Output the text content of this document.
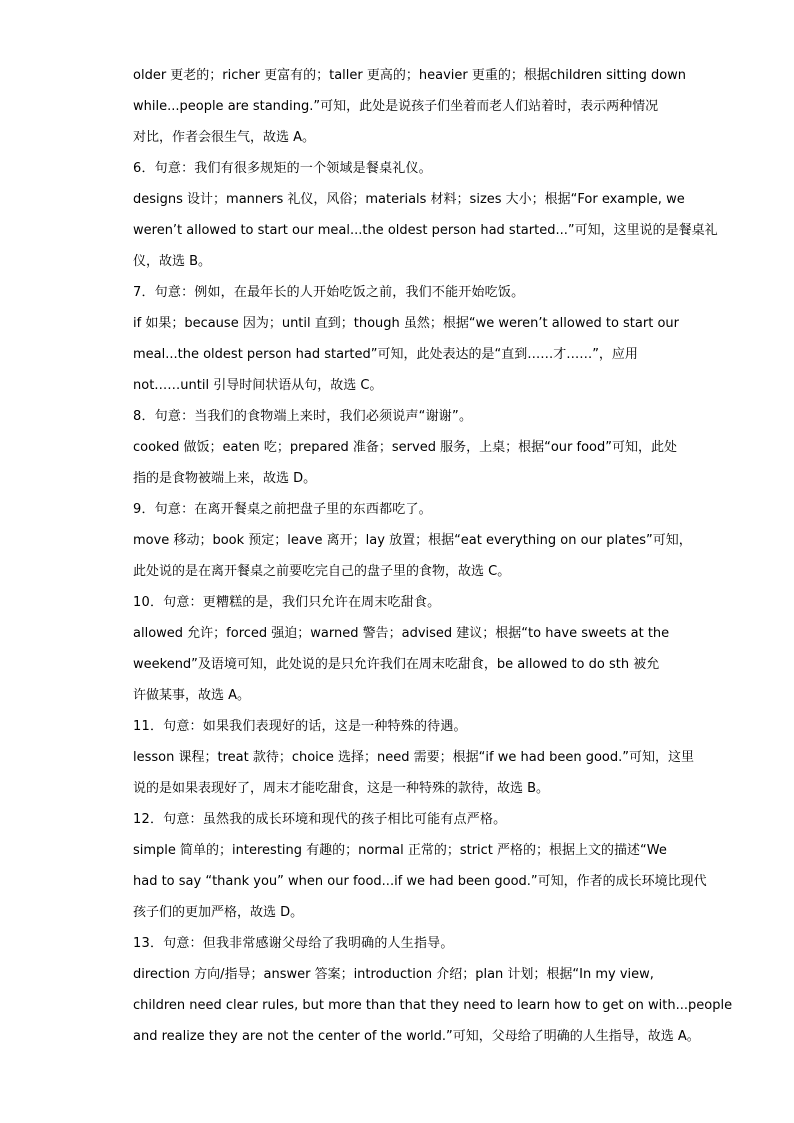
older 更老的；richer 更富有的；taller 更高的；heavier 更重的；根据children sitting down
while...people are standing.”可知，此处是说孩子们坐着而老人们站着时，表示两种情况
对比，作者会很生气，故选 A。
6．句意：我们有很多规矩的一个领域是餐桌礼仪。
designs 设计；manners 礼仪，风俗；materials 材料；sizes 大小；根据“For example, we
weren’t allowed to start our meal...the oldest person had started...”可知，这里说的是餐桌礼
仪，故选 B。
7．句意：例如，在最年长的人开始吃饭之前，我们不能开始吃饭。
if 如果；because 因为；until 直到；though 虽然；根据“we weren’t allowed to start our
meal...the oldest person had started”可知，此处表达的是“直到……才……”，应用
not……until 引导时间状语从句，故选 C。
8．句意：当我们的食物端上来时，我们必须说声“谢谢”。
cooked 做饭；eaten 吃；prepared 准备；served 服务，上桌；根据“our food”可知，此处
指的是食物被端上来，故选 D。
9．句意：在离开餐桌之前把盘子里的东西都吃了。
move 移动；book 预定；leave 离开；lay 放置；根据“eat everything on our plates”可知，
此处说的是在离开餐桌之前要吃完自己的盘子里的食物，故选 C。
10．句意：更糟糕的是，我们只允许在周末吃甜食。
allowed 允许；forced 强迫；warned 警告；advised 建议；根据“to have sweets at the
weekend”及语境可知，此处说的是只允许我们在周末吃甜食，be allowed to do sth 被允
许做某事，故选 A。
11．句意：如果我们表现好的话，这是一种特殊的待遇。
lesson 课程；treat 款待；choice 选择；need 需要；根据“if we had been good.”可知，这里
说的是如果表现好了，周末才能吃甜食，这是一种特殊的款待，故选 B。
12．句意：虽然我的成长环境和现代的孩子相比可能有点严格。
simple 简单的；interesting 有趣的；normal 正常的；strict 严格的；根据上文的描述“We
had to say “thank you” when our food...if we had been good.”可知，作者的成长环境比现代
孩子们的更加严格，故选 D。
13．句意：但我非常感谢父母给了我明确的人生指导。
direction 方向/指导；answer 答案；introduction 介绍；plan 计划；根据“In my view,
children need clear rules, but more than that they need to learn how to get on with...people
and realize they are not the center of the world.”可知，父母给了明确的人生指导，故选 A。
